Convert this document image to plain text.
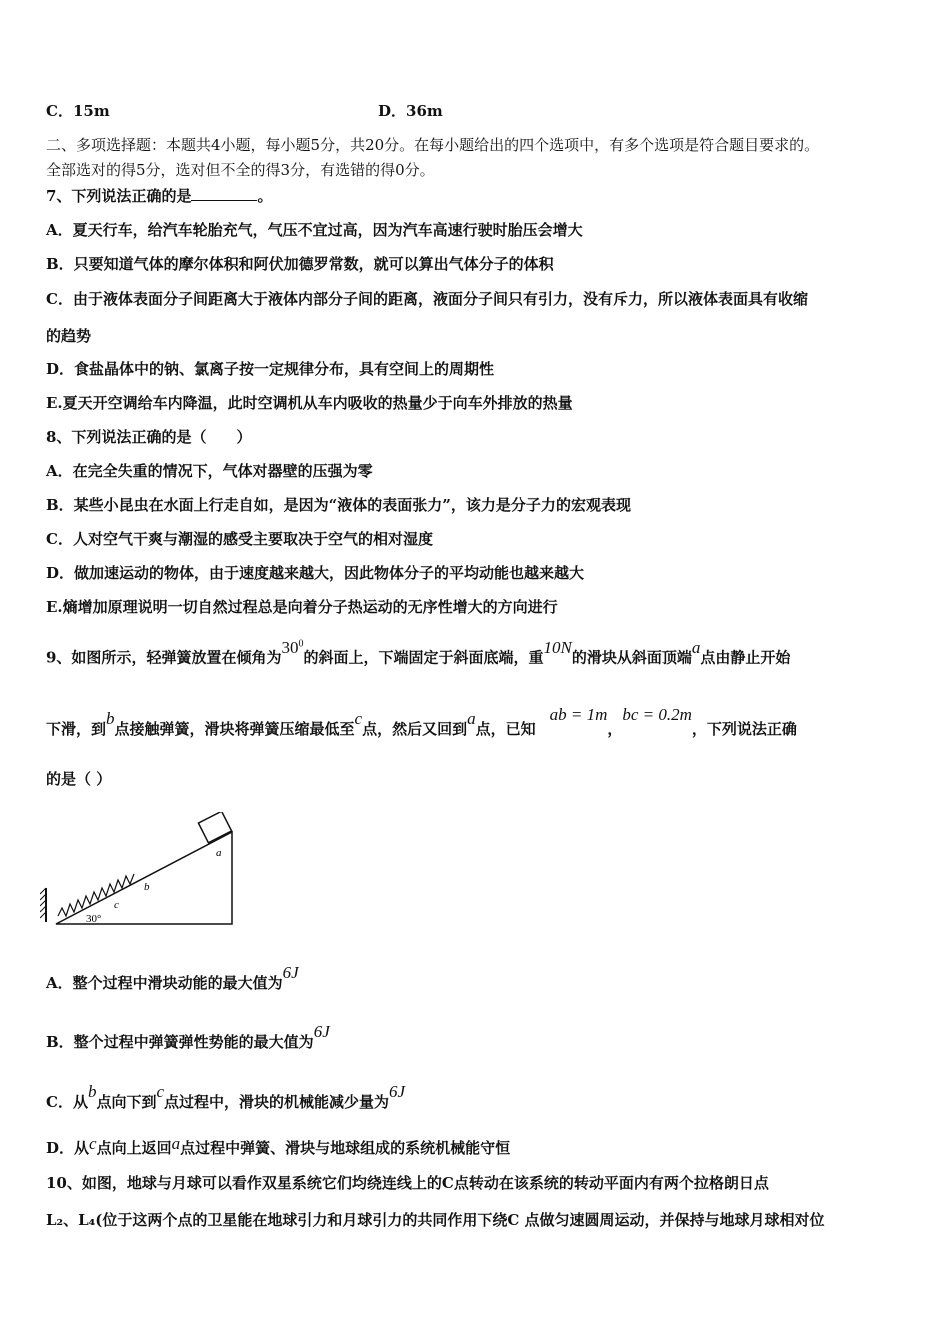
C．15m	D．36m
二、多项选择题：本题共4小题，每小题5分，共20分。在每小题给出的四个选项中，有多个选项是符合题目要求的。
全部选对的得5分，选对但不全的得3分，有选错的得0分。
7、下列说法正确的是	。
A．夏天行车，给汽车轮胎充气，气压不宜过高，因为汽车高速行驶时胎压会增大
B．只要知道气体的摩尔体积和阿伏加德罗常数，就可以算出气体分子的体积
C．由于液体表面分子间距离大于液体内部分子间的距离，液面分子间只有引力，没有斥力，所以液体表面具有收缩
的趋势
D．食盐晶体中的钠、氯离子按一定规律分布，具有空间上的周期性
E.夏天开空调给车内降温，此时空调机从车内吸收的热量少于向车外排放的热量
8、下列说法正确的是（　　）
A．在完全失重的情况下，气体对器壁的压强为零
B．某些小昆虫在水面上行走自如，是因为“液体的表面张力”，该力是分子力的宏观表现
C．人对空气干爽与潮湿的感受主要取决于空气的相对湿度
D．做加速运动的物体，由于速度越来越大，因此物体分子的平均动能也越来越大
E.熵增加原理说明一切自然过程总是向着分子热运动的无序性增大的方向进行
9、如图所示，轻弹簧放置在倾角为$30^0$的斜面上，下端固定于斜面底端，重10N的滑块从斜面顶端a点由静止开始
下滑，到b点接触弹簧，滑块将弹簧压缩最低至c点，然后又回到a点，已知ab = 1m，bc = 0.2m，下列说法正确
的是（ ）
a
b
c
30°
A．整个过程中滑块动能的最大值为6J
B．整个过程中弹簧弹性势能的最大值为6J
C．从b点向下到c点过程中，滑块的机械能减少量为6J
D．从c点向上返回a点过程中弹簧、滑块与地球组成的系统机械能守恒
10、如图，地球与月球可以看作双星系统它们均绕连线上的C点转动在该系统的转动平面内有两个拉格朗日点
L₂、L₄(位于这两个点的卫星能在地球引力和月球引力的共同作用下绕C 点做匀速圆周运动，并保持与地球月球相对位
